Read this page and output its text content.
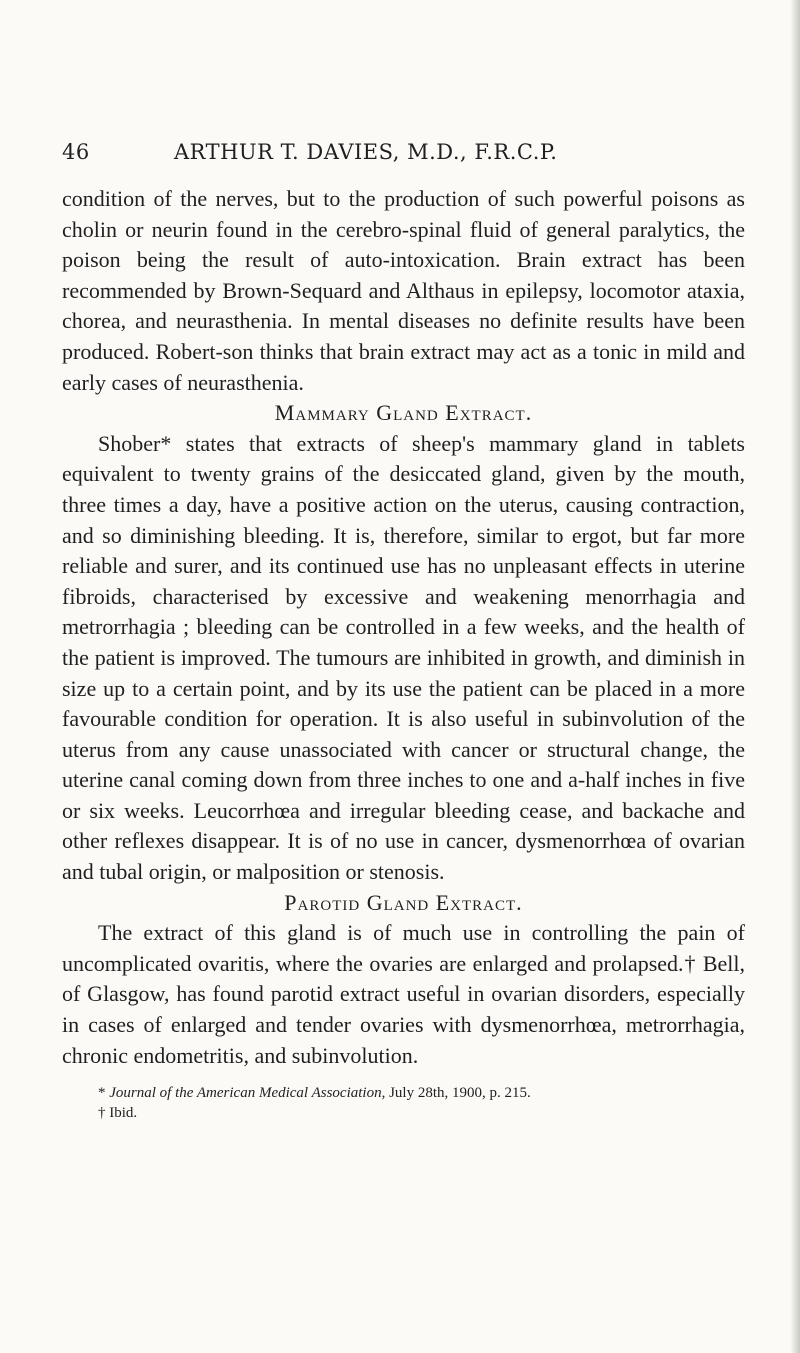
46	ARTHUR T. DAVIES, M.D., F.R.C.P.

condition of the nerves, but to the production of such powerful poisons as cholin or neurin found in the cerebro-spinal fluid of general paralytics, the poison being the result of auto-intoxication. Brain extract has been recommended by Brown-Sequard and Althaus in epilepsy, locomotor ataxia, chorea, and neurasthenia. In mental diseases no definite results have been produced. Robert-son thinks that brain extract may act as a tonic in mild and early cases of neurasthenia.

Mammary Gland Extract.

Shober* states that extracts of sheep's mammary gland in tablets equivalent to twenty grains of the desiccated gland, given by the mouth, three times a day, have a positive action on the uterus, causing contraction, and so diminishing bleeding. It is, therefore, similar to ergot, but far more reliable and surer, and its continued use has no unpleasant effects in uterine fibroids, characterised by excessive and weakening menorrhagia and metrorrhagia ; bleeding can be controlled in a few weeks, and the health of the patient is improved. The tumours are inhibited in growth, and diminish in size up to a certain point, and by its use the patient can be placed in a more favourable condition for operation. It is also useful in subinvolution of the uterus from any cause unassociated with cancer or structural change, the uterine canal coming down from three inches to one and a-half inches in five or six weeks. Leucorrhœa and irregular bleeding cease, and backache and other reflexes disappear. It is of no use in cancer, dysmenorrhœa of ovarian and tubal origin, or malposition or stenosis.

Parotid Gland Extract.

The extract of this gland is of much use in controlling the pain of uncomplicated ovaritis, where the ovaries are enlarged and prolapsed.† Bell, of Glasgow, has found parotid extract useful in ovarian disorders, especially in cases of enlarged and tender ovaries with dysmenorrhœa, metrorrhagia, chronic endometritis, and subinvolution.

* Journal of the American Medical Association, July 28th, 1900, p. 215.

† Ibid.
